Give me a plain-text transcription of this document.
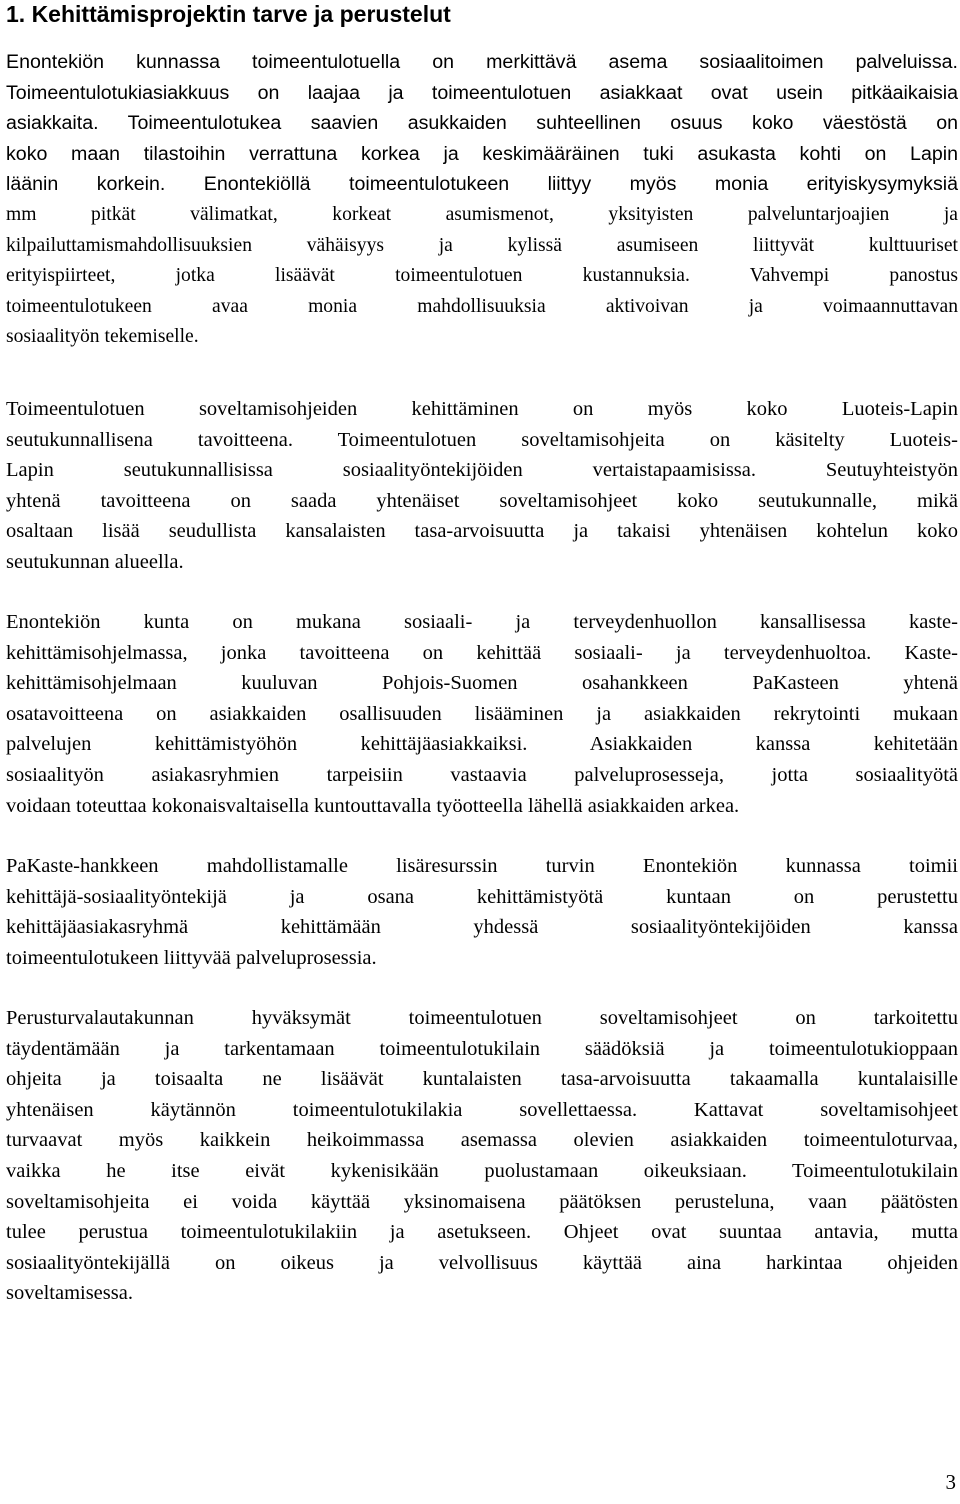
1. Kehittämisprojektin tarve ja perustelut
Enontekiön kunnassa toimeentulotuella on merkittävä asema sosiaalitoimen palveluissa.
Toimeentulotukiasiakkuus on laajaa ja toimeentulotuen asiakkaat ovat usein pitkäaikaisia
asiakkaita. Toimeentulotukea saavien asukkaiden suhteellinen osuus koko väestöstä on
koko maan tilastoihin verrattuna korkea ja keskimääräinen tuki asukasta kohti on Lapin
läänin korkein. Enontekiöllä toimeentulotukeen liittyy myös monia erityiskysymyksiä
mm pitkät välimatkat, korkeat asumismenot, yksityisten palveluntarjoajien ja
kilpailuttamismahdollisuuksien vähäisyys ja kylissä asumiseen liittyvät kulttuuriset
erityispiirteet, jotka lisäävät toimeentulotuen kustannuksia. Vahvempi panostus
toimeentulotukeen avaa monia mahdollisuuksia aktivoivan ja voimaannuttavan
sosiaalityön tekemiselle.
Toimeentulotuen soveltamisohjeiden kehittäminen on myös koko Luoteis-Lapin
seutukunnallisena tavoitteena. Toimeentulotuen soveltamisohjeita on käsitelty Luoteis-
Lapin seutukunnallisissa sosiaalityöntekijöiden vertaistapaamisissa. Seutuyhteistyön
yhtenä tavoitteena on saada yhtenäiset soveltamisohjeet koko seutukunnalle, mikä
osaltaan lisää seudullista kansalaisten tasa-arvoisuutta ja takaisi yhtenäisen kohtelun koko
seutukunnan alueella.
Enontekiön kunta on mukana sosiaali- ja terveydenhuollon kansallisessa kaste-
kehittämisohjelmassa, jonka tavoitteena on kehittää sosiaali- ja terveydenhuoltoa. Kaste-
kehittämisohjelmaan kuuluvan Pohjois-Suomen osahankkeen PaKasteen yhtenä
osatavoitteena on asiakkaiden osallisuuden lisääminen ja asiakkaiden rekrytointi mukaan
palvelujen kehittämistyöhön kehittäjäasiakkaiksi. Asiakkaiden kanssa kehitetään
sosiaalityön asiakasryhmien tarpeisiin vastaavia palveluprosesseja, jotta sosiaalityötä
voidaan toteuttaa kokonaisvaltaisella kuntouttavalla työotteella lähellä asiakkaiden arkea.
PaKaste-hankkeen mahdollistamalle lisäresurssin turvin Enontekiön kunnassa toimii
kehittäjä-sosiaalityöntekijä ja osana kehittämistyötä kuntaan on perustettu
kehittäjäasiakasryhmä kehittämään yhdessä sosiaalityöntekijöiden kanssa
toimeentulotukeen liittyvää palveluprosessia.
Perusturvalautakunnan hyväksymät toimeentulotuen soveltamisohjeet on tarkoitettu
täydentämään ja tarkentamaan toimeentulotukilain säädöksiä ja toimeentulotukioppaan
ohjeita ja toisaalta ne lisäävät kuntalaisten tasa-arvoisuutta takaamalla kuntalaisille
yhtenäisen käytännön toimeentulotukilakia sovellettaessa. Kattavat soveltamisohjeet
turvaavat myös kaikkein heikoimmassa asemassa olevien asiakkaiden toimeentuloturvaa,
vaikka he itse eivät kykenisikään puolustamaan oikeuksiaan. Toimeentulotukilain
soveltamisohjeita ei voida käyttää yksinomaisena päätöksen perusteluna, vaan päätösten
tulee perustua toimeentulotukilakiin ja asetukseen. Ohjeet ovat suuntaa antavia, mutta
sosiaalityöntekijällä on oikeus ja velvollisuus käyttää aina harkintaa ohjeiden
soveltamisessa.

3
